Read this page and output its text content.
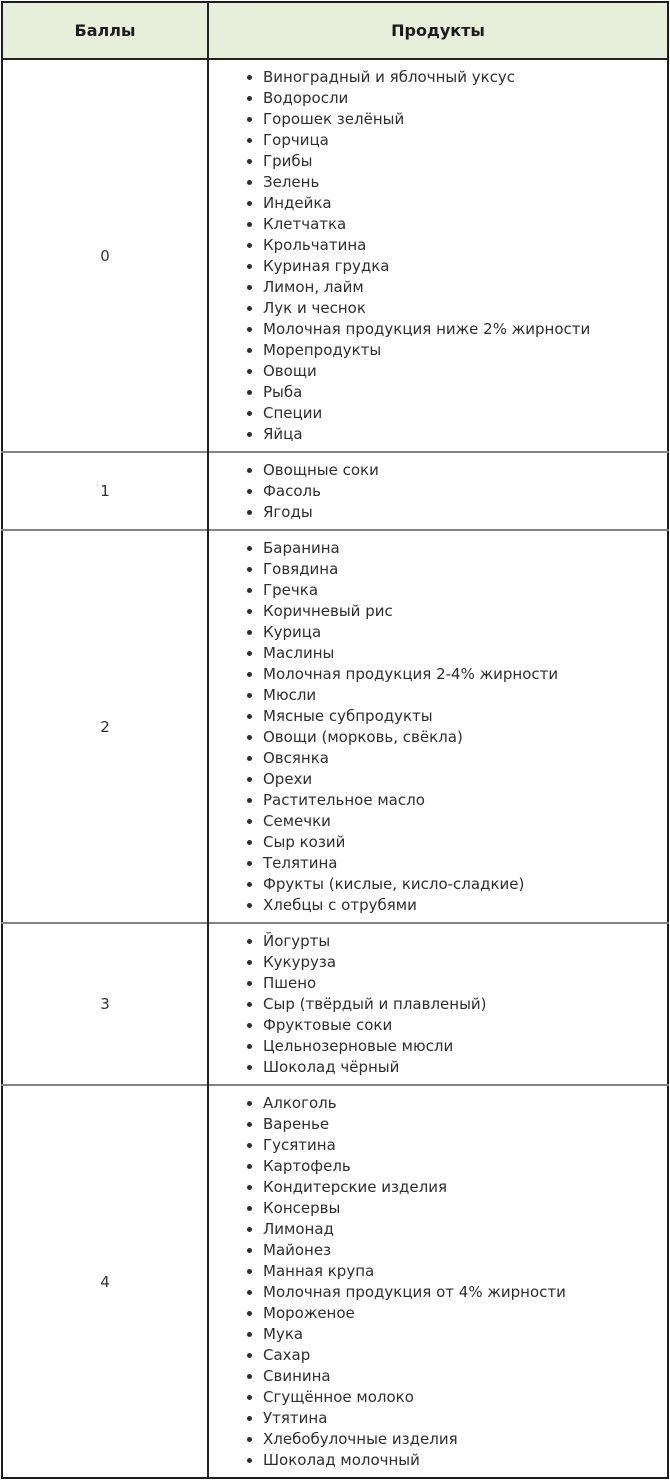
Баллы	Продукты
0	
• Виноградный и яблочный уксус
• Водоросли
• Горошек зелёный
• Горчица
• Грибы
• Зелень
• Индейка
• Клетчатка
• Крольчатина
• Куриная грудка
• Лимон, лайм
• Лук и чеснок
• Молочная продукция ниже 2% жирности
• Морепродукты
• Овощи
• Рыба
• Специи
• Яйца

1	
• Овощные соки
• Фасоль
• Ягоды

2	
• Баранина
• Говядина
• Гречка
• Коричневый рис
• Курица
• Маслины
• Молочная продукция 2-4% жирности
• Мюсли
• Мясные субпродукты
• Овощи (морковь, свёкла)
• Овсянка
• Орехи
• Растительное масло
• Семечки
• Сыр козий
• Телятина
• Фрукты (кислые, кисло-сладкие)
• Хлебцы с отрубями

3	
• Йогурты
• Кукуруза
• Пшено
• Сыр (твёрдый и плавленый)
• Фруктовые соки
• Цельнозерновые мюсли
• Шоколад чёрный

4	
• Алкоголь
• Варенье
• Гусятина
• Картофель
• Кондитерские изделия
• Консервы
• Лимонад
• Майонез
• Манная крупа
• Молочная продукция от 4% жирности
• Мороженое
• Мука
• Сахар
• Свинина
• Сгущённое молоко
• Утятина
• Хлебобулочные изделия
• Шоколад молочный
